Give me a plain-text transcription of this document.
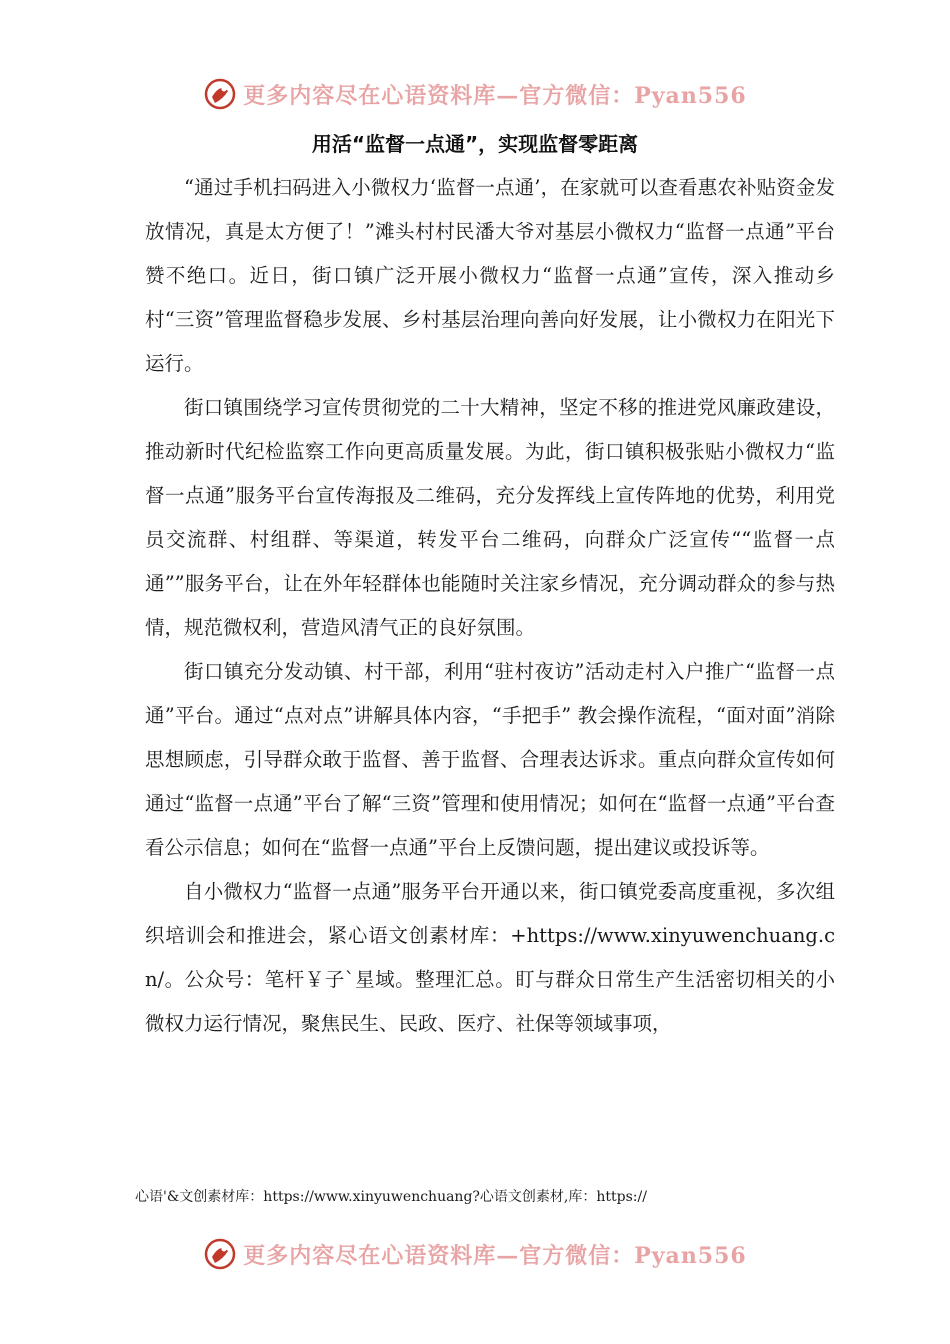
更多内容尽在心语资料库—官方微信：Pyan556
用活“监督一点通”，实现监督零距离

“通过手机扫码进入小微权力‘监督一点通’，在家就可以查看惠农补贴资金发放情况，真是太方便了！”滩头村村民潘大爷对基层小微权力“监督一点通”平台赞不绝口。近日，街口镇广泛开展小微权力“监督一点通”宣传，深入推动乡村“三资”管理监督稳步发展、乡村基层治理向善向好发展，让小微权力在阳光下运行。

街口镇围绕学习宣传贯彻党的二十大精神，坚定不移的推进党风廉政建设，推动新时代纪检监察工作向更高质量发展。为此，街口镇积极张贴小微权力“监督一点通”服务平台宣传海报及二维码，充分发挥线上宣传阵地的优势，利用党员交流群、村组群、等渠道，转发平台二维码，向群众广泛宣传““监督一点通””服务平台，让在外年轻群体也能随时关注家乡情况，充分调动群众的参与热情，规范微权利，营造风清气正的良好氛围。

街口镇充分发动镇、村干部，利用“驻村夜访”活动走村入户推广“监督一点通”平台。通过“点对点”讲解具体内容，“手把手” 教会操作流程，“面对面”消除思想顾虑，引导群众敢于监督、善于监督、合理表达诉求。重点向群众宣传如何通过“监督一点通”平台了解“三资”管理和使用情况；如何在“监督一点通”平台查看公示信息；如何在“监督一点通”平台上反馈问题，提出建议或投诉等。

自小微权力“监督一点通”服务平台开通以来，街口镇党委高度重视，多次组织培训会和推进会，紧心语文创素材库：+https://www.xinyuwenchuang.cn/。公众号：笔杆￥子`星域。整理汇总。盯与群众日常生产生活密切相关的小微权力运行情况，聚焦民生、民政、医疗、社保等领域事项，

心语'&文创素材库：https://www.xinyuwenchuang?心语文创素材,库：https://
更多内容尽在心语资料库—官方微信：Pyan556
